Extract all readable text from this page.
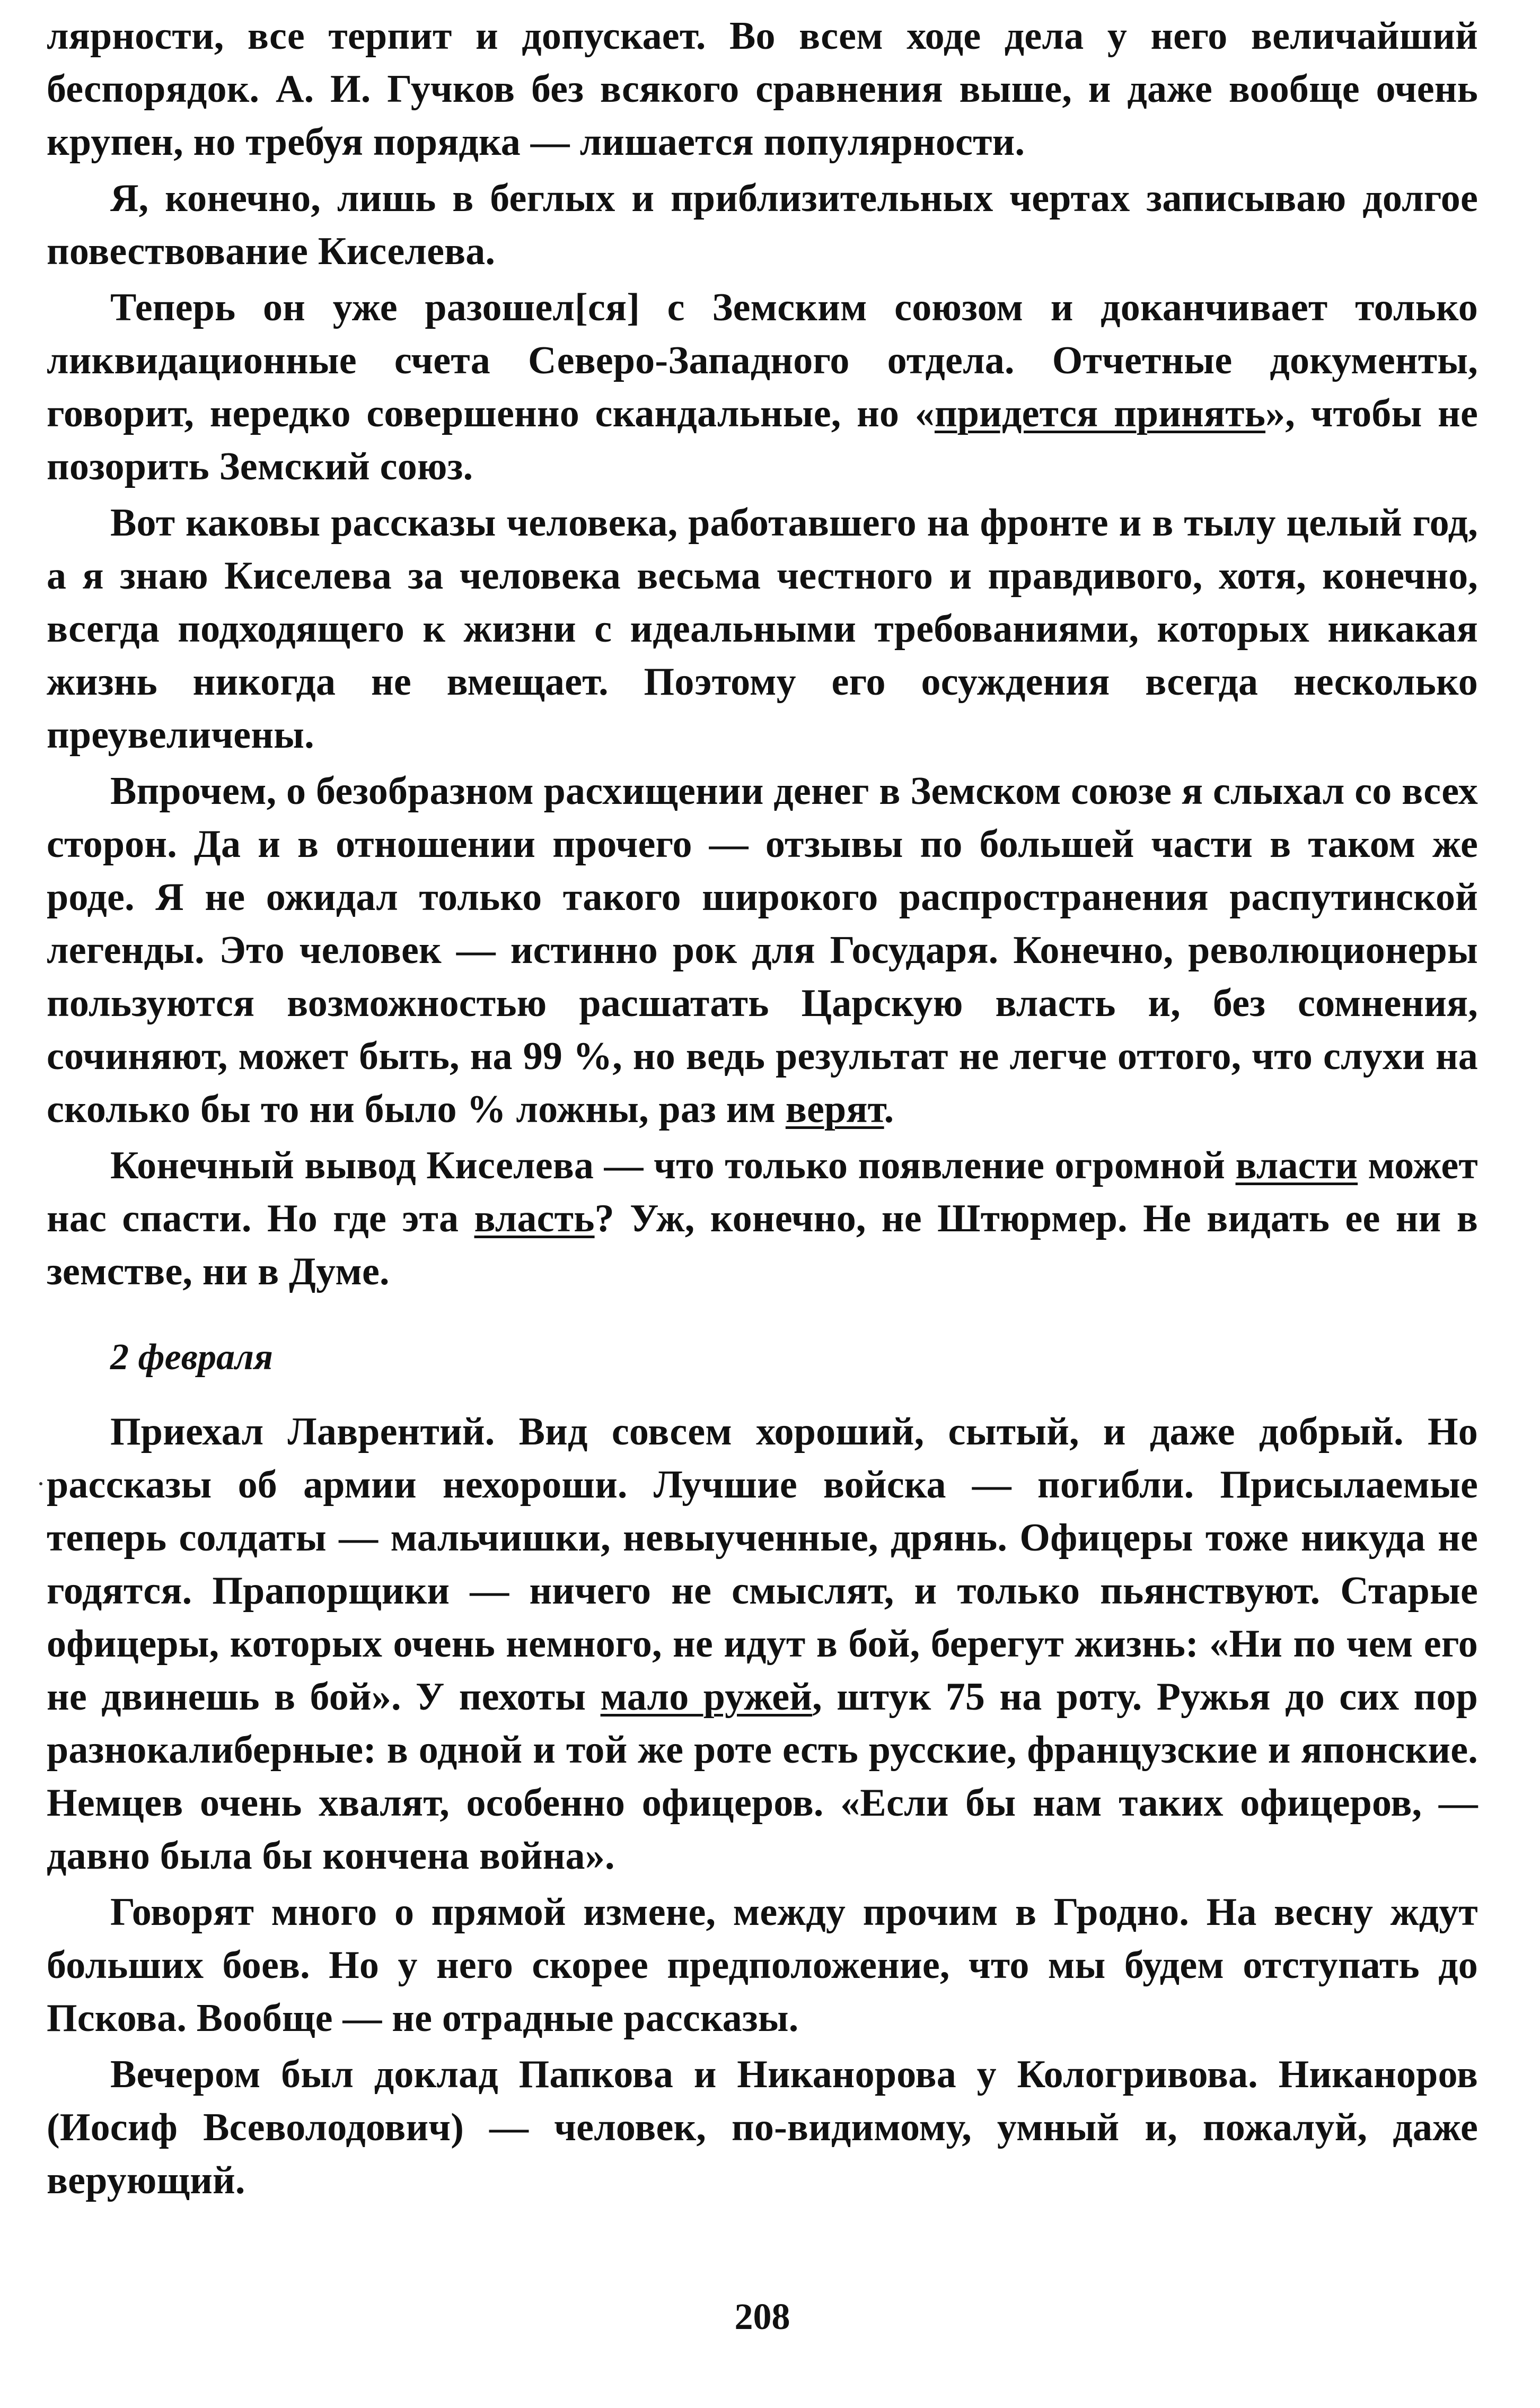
лярности, все терпит и допускает. Во всем ходе дела у него величайший беспорядок. А. И. Гучков без всякого сравнения выше, и даже вообще очень крупен, но требуя порядка — лишается популярности.

Я, конечно, лишь в беглых и приблизительных чертах записываю долгое повествование Киселева.

Теперь он уже разошел[ся] с Земским союзом и доканчивает только ликвидационные счета Северо-Западного отдела. Отчетные документы, говорит, нередко совершенно скандальные, но «придется принять», чтобы не позорить Земский союз.

Вот каковы рассказы человека, работавшего на фронте и в тылу целый год, а я знаю Киселева за человека весьма честного и правдивого, хотя, конечно, всегда подходящего к жизни с идеальными требованиями, которых никакая жизнь никогда не вмещает. Поэтому его осуждения всегда несколько преувеличены.

Впрочем, о безобразном расхищении денег в Земском союзе я слыхал со всех сторон. Да и в отношении прочего — отзывы по большей части в таком же роде. Я не ожидал только такого широкого распространения распутинской легенды. Это человек — истинно рок для Государя. Конечно, революционеры пользуются возможностью расшатать Царскую власть и, без сомнения, сочиняют, может быть, на 99 %, но ведь результат не легче оттого, что слухи на сколько бы то ни было % ложны, раз им верят.

Конечный вывод Киселева — что только появление огромной власти может нас спасти. Но где эта власть? Уж, конечно, не Штюрмер. Не видать ее ни в земстве, ни в Думе.

2 февраля

Приехал Лаврентий. Вид совсем хороший, сытый, и даже добрый. Но рассказы об армии нехороши. Лучшие войска — погибли. Присылаемые теперь солдаты — мальчишки, невыученные, дрянь. Офицеры тоже никуда не годятся. Прапорщики — ничего не смыслят, и только пьянствуют. Старые офицеры, которых очень немного, не идут в бой, берегут жизнь: «Ни по чем его не двинешь в бой». У пехоты мало ружей, штук 75 на роту. Ружья до сих пор разнокалиберные: в одной и той же роте есть русские, французские и японские. Немцев очень хвалят, особенно офицеров. «Если бы нам таких офицеров, — давно была бы кончена война».

Говорят много о прямой измене, между прочим в Гродно. На весну ждут больших боев. Но у него скорее предположение, что мы будем отступать до Пскова. Вообще — не отрадные рассказы.

Вечером был доклад Папкова и Никанорова у Кологривова. Никаноров (Иосиф Всеволодович) — человек, по-видимому, умный и, пожалуй, даже верующий.

208
